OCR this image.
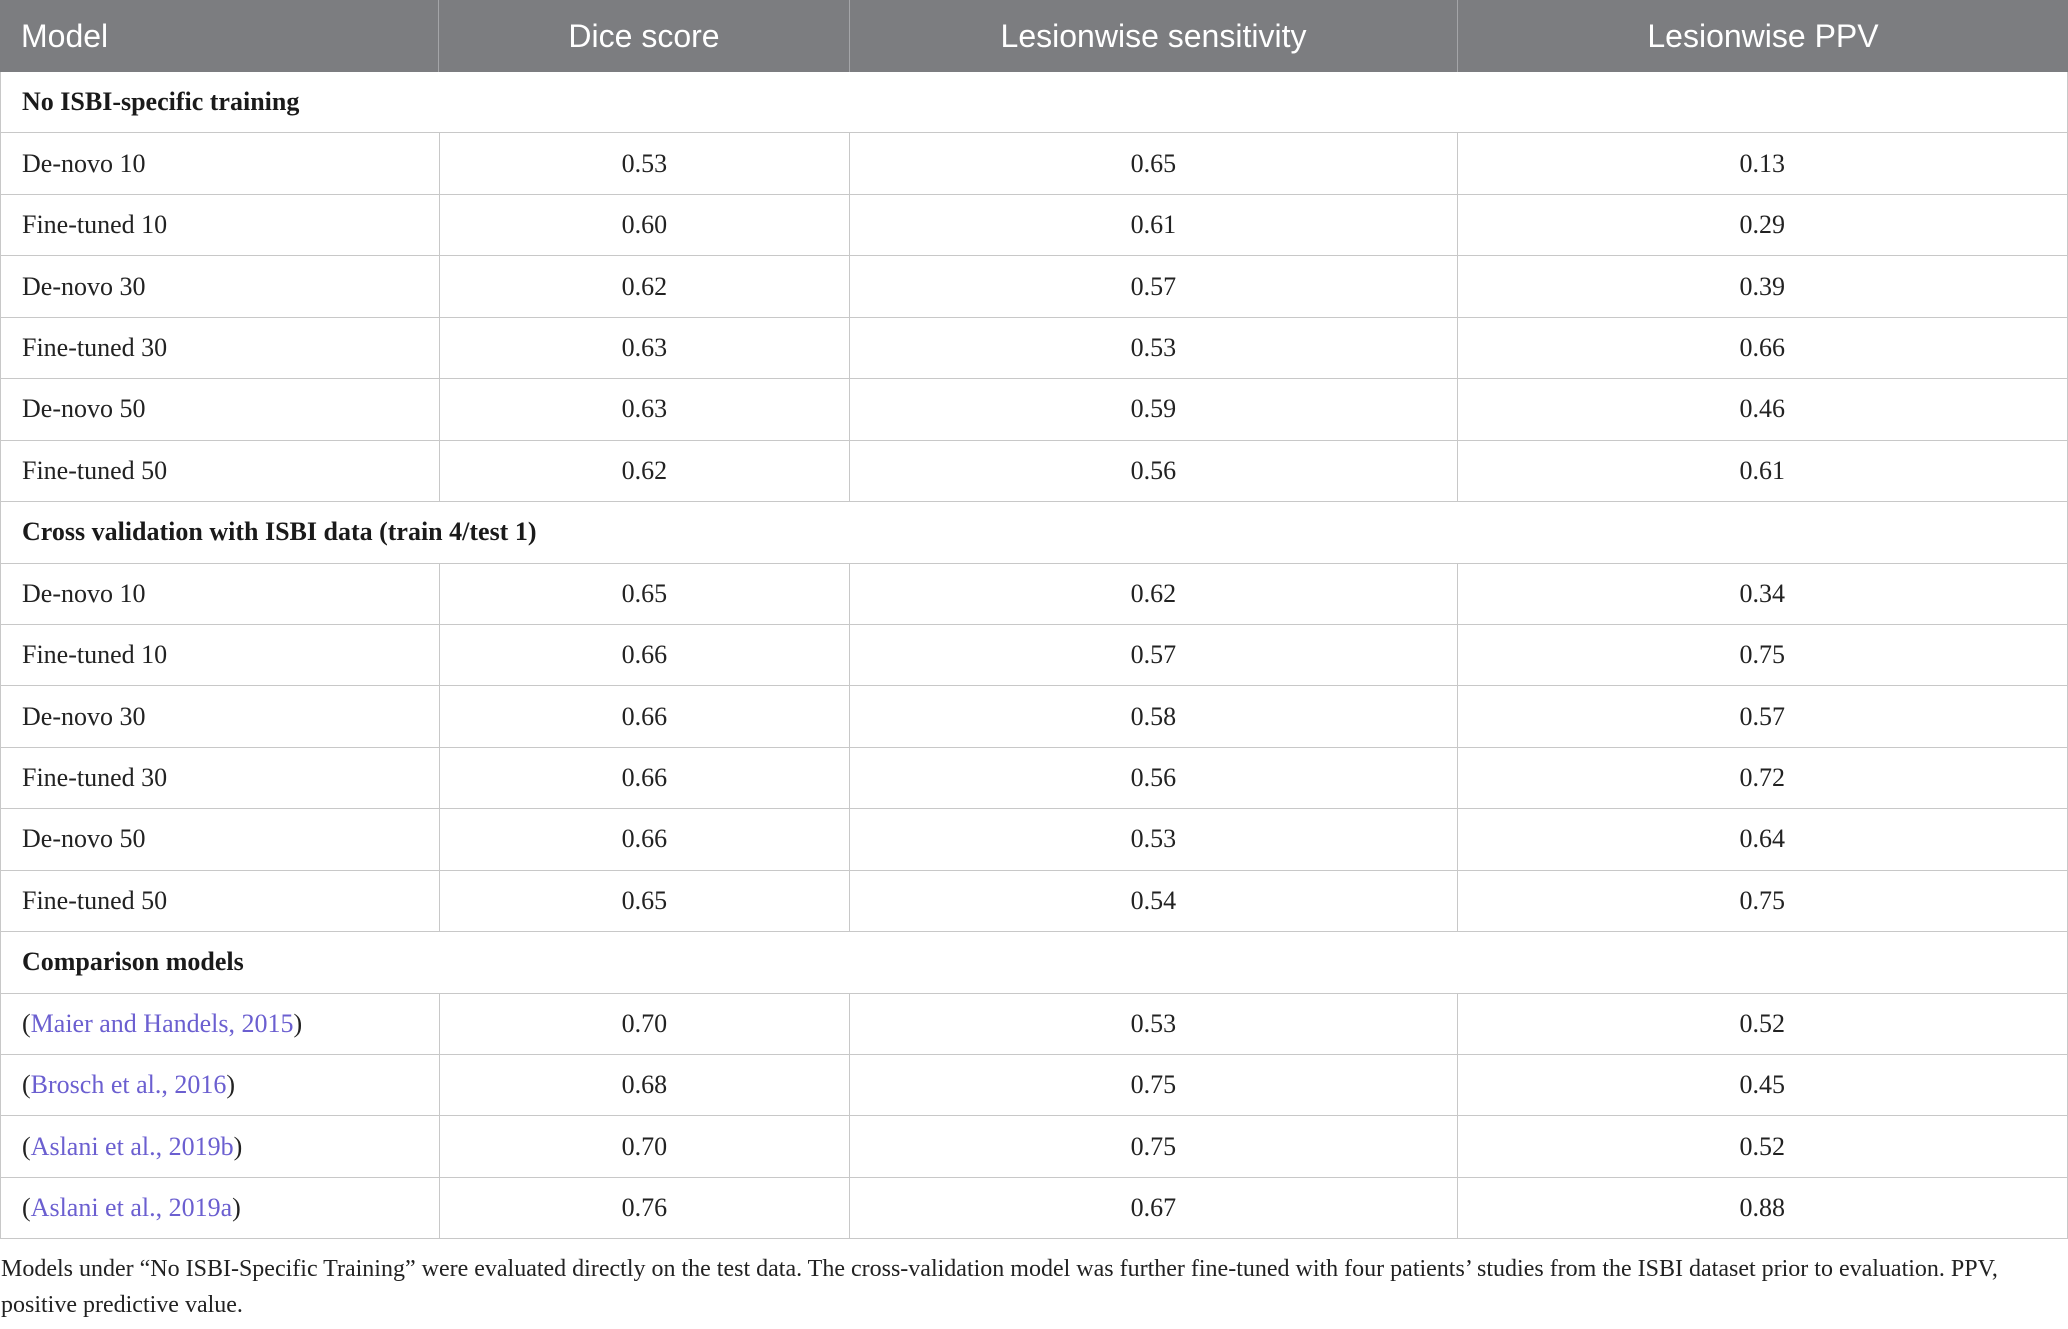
Model	Dice score	Lesionwise sensitivity	Lesionwise PPV
No ISBI-specific training
De-novo 10	0.53	0.65	0.13
Fine-tuned 10	0.60	0.61	0.29
De-novo 30	0.62	0.57	0.39
Fine-tuned 30	0.63	0.53	0.66
De-novo 50	0.63	0.59	0.46
Fine-tuned 50	0.62	0.56	0.61
Cross validation with ISBI data (train 4/test 1)
De-novo 10	0.65	0.62	0.34
Fine-tuned 10	0.66	0.57	0.75
De-novo 30	0.66	0.58	0.57
Fine-tuned 30	0.66	0.56	0.72
De-novo 50	0.66	0.53	0.64
Fine-tuned 50	0.65	0.54	0.75
Comparison models
( Maier and Handels, 2015 )	0.70	0.53	0.52
( Brosch et al., 2016 )	0.68	0.75	0.45
( Aslani et al., 2019b )	0.70	0.75	0.52
( Aslani et al., 2019a )	0.76	0.67	0.88
Models under “No ISBI-Specific Training” were evaluated directly on the test data. The cross-validation model was further fine-tuned with four patients’ studies from the ISBI dataset prior to evaluation. PPV, positive predictive value.
